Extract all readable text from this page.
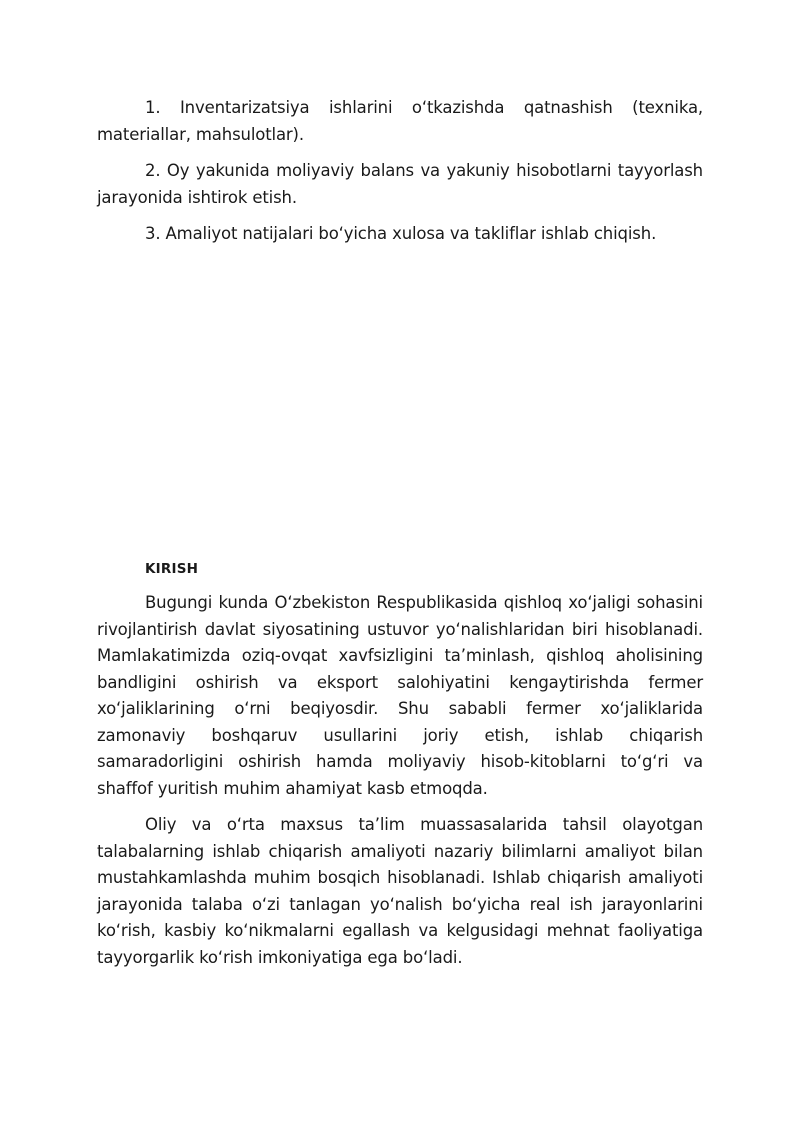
1. Inventarizatsiya ishlarini o‘tkazishda qatnashish (texnika, materiallar, mahsulotlar).

2. Oy yakunida moliyaviy balans va yakuniy hisobotlarni tayyorlash jarayonida ishtirok etish.

3. Amaliyot natijalari bo‘yicha xulosa va takliflar ishlab chiqish.

KIRISH

Bugungi kunda O‘zbekiston Respublikasida qishloq xo‘jaligi sohasini rivojlantirish davlat siyosatining ustuvor yo‘nalishlaridan biri hisoblanadi. Mamlakatimizda oziq-ovqat xavfsizligini ta’minlash, qishloq aholisining bandligini oshirish va eksport salohiyatini kengaytirishda fermer xo‘jaliklarining o‘rni beqiyosdir. Shu sababli fermer xo‘jaliklarida zamonaviy boshqaruv usullarini joriy etish, ishlab chiqarish samaradorligini oshirish hamda moliyaviy hisob-kitoblarni to‘g‘ri va shaffof yuritish muhim ahamiyat kasb etmoqda.

Oliy va o‘rta maxsus ta’lim muassasalarida tahsil olayotgan talabalarning ishlab chiqarish amaliyoti nazariy bilimlarni amaliyot bilan mustahkamlashda muhim bosqich hisoblanadi. Ishlab chiqarish amaliyoti jarayonida talaba o‘zi tanlagan yo‘nalish bo‘yicha real ish jarayonlarini ko‘rish, kasbiy ko‘nikmalarni egallash va kelgusidagi mehnat faoliyatiga tayyorgarlik ko‘rish imkoniyatiga ega bo‘ladi.
